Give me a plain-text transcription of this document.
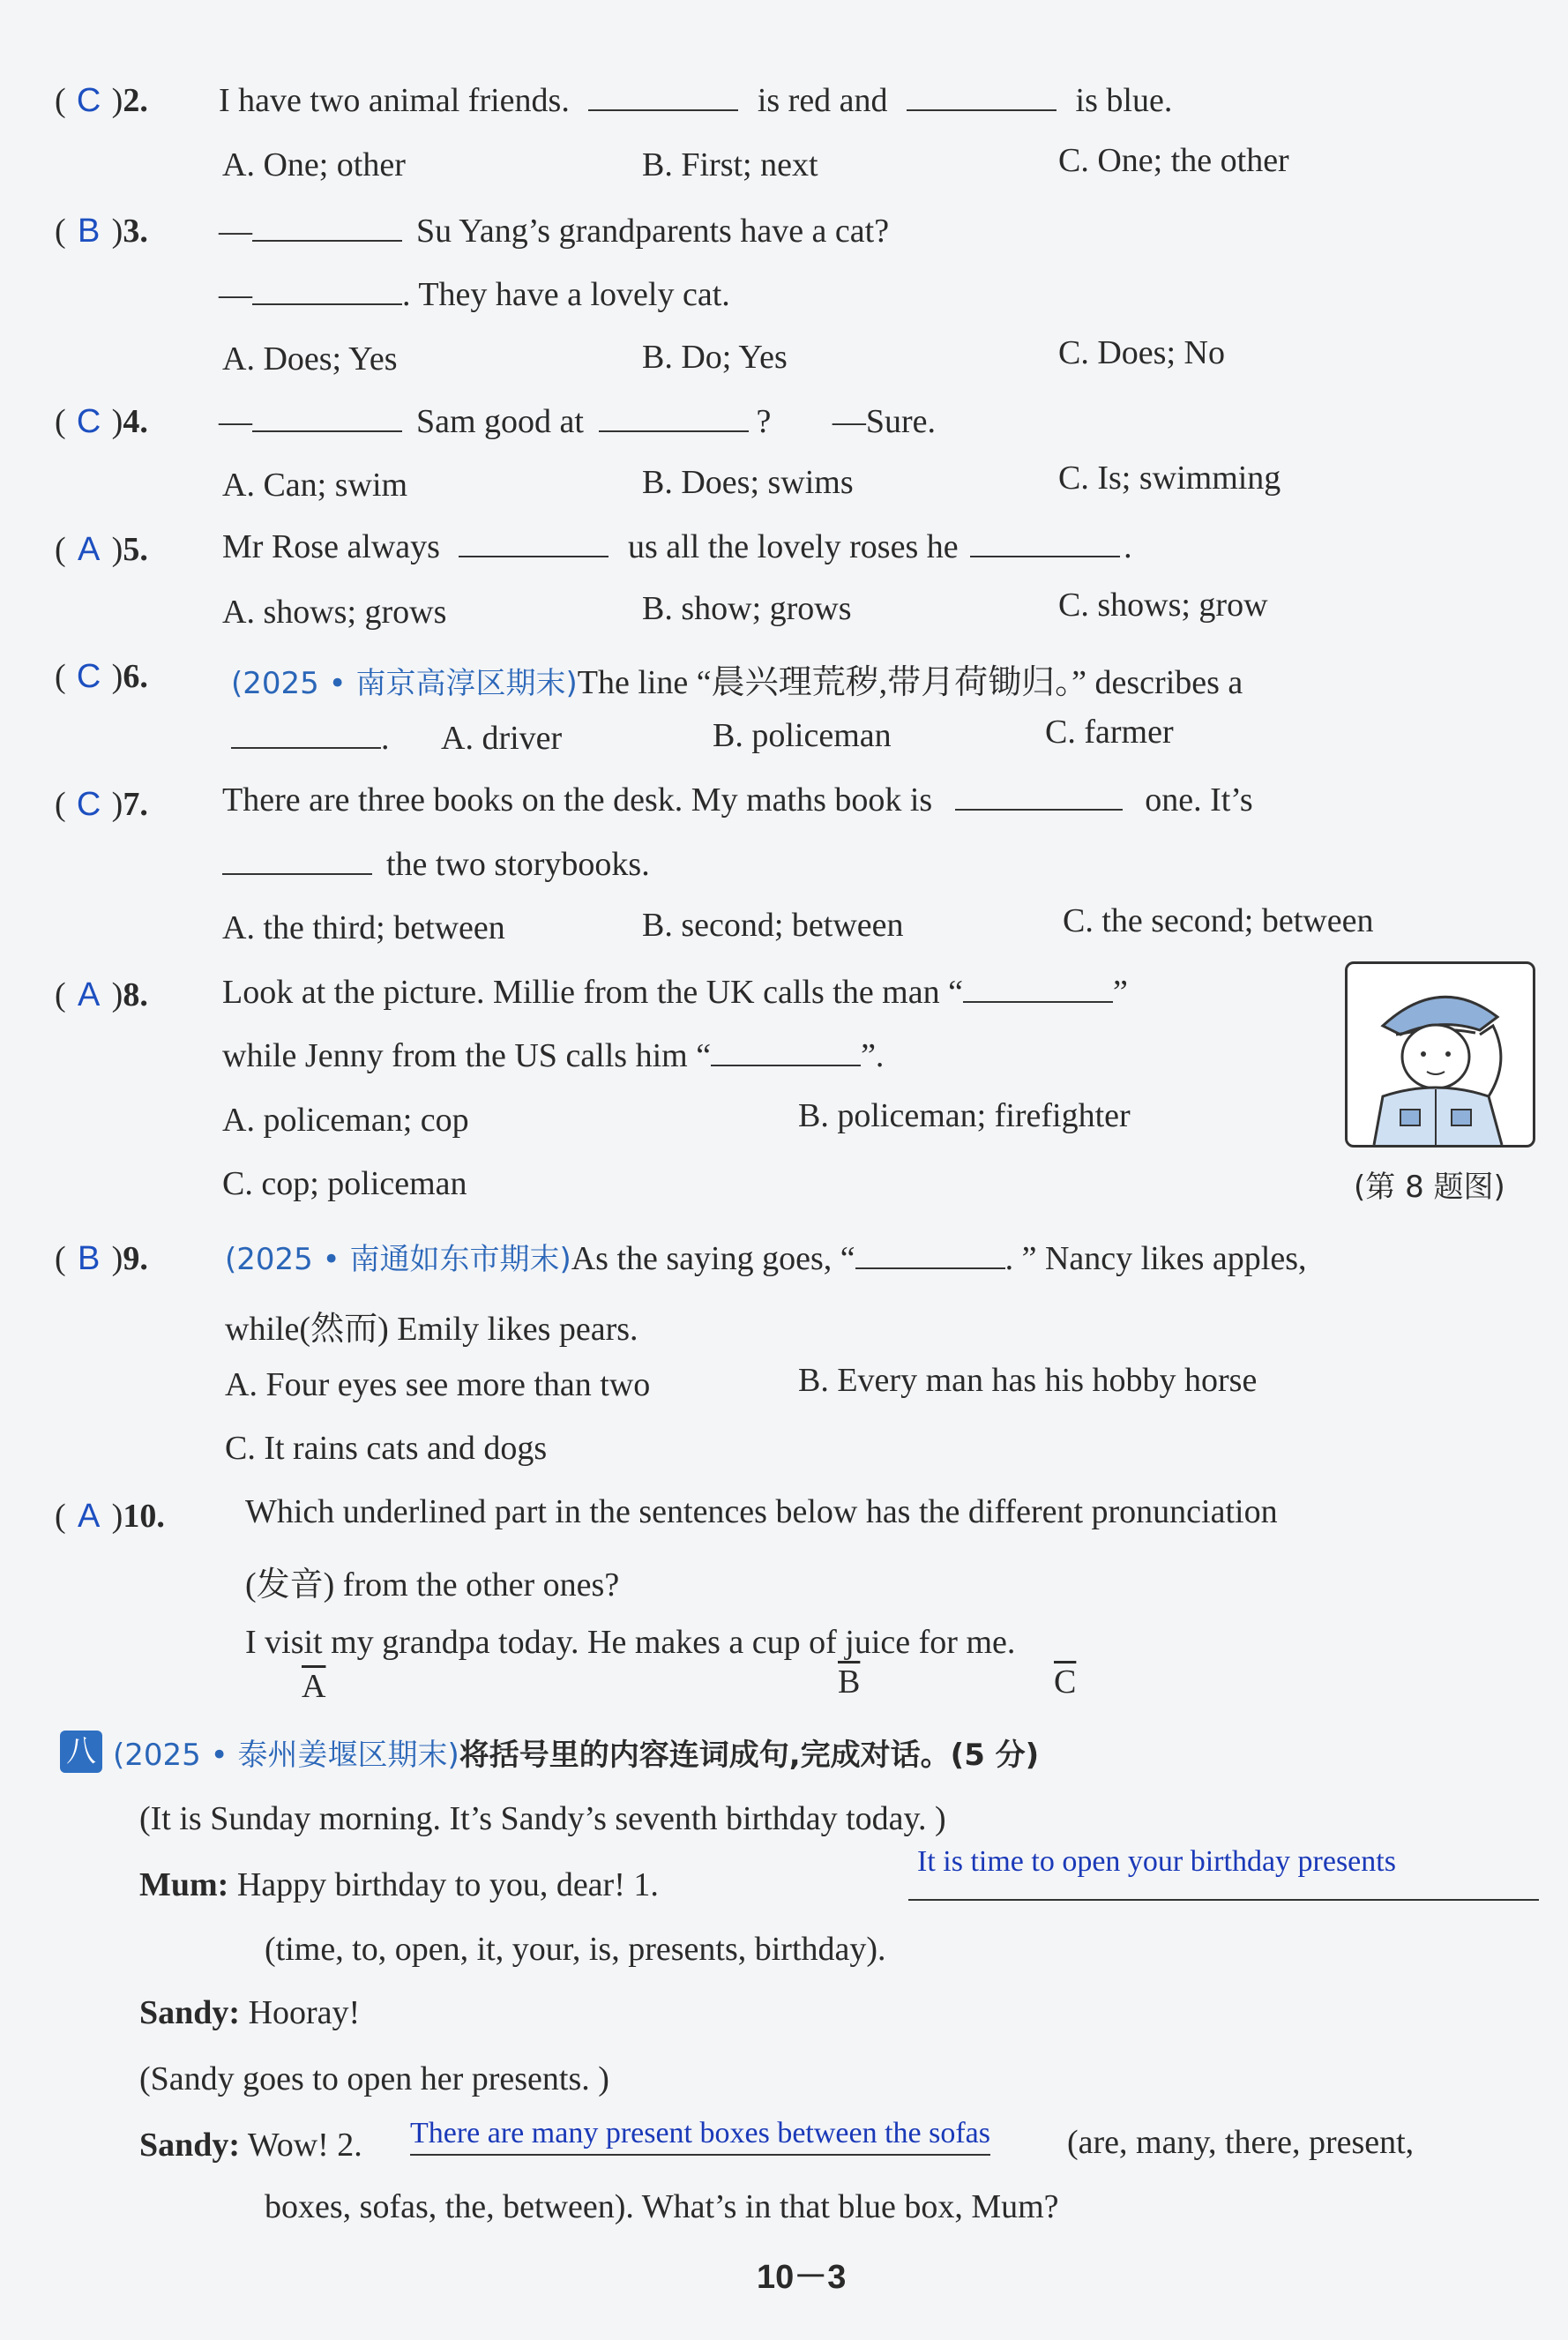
( C )2.	I have two animal friends.	is red and	is blue.
A. One; other	B. First; next	C. One; the other
( B )3.	—	Su Yang’s grandparents have a cat?
—	. They have a lovely cat.
A. Does; Yes	B. Do; Yes	C. Does; No
( C )4.	—	Sam good at	? —Sure.
A. Can; swim	B. Does; swims	C. Is; swimming
( A )5.	Mr Rose always	us all the lovely roses he	.
A. shows; grows	B. show; grows	C. shows; grow
( C )6.	(2025 • 南京高淳区期末)The line “晨兴理荒秽,带月荷锄归。” describes a
. A. driver	B. policeman	C. farmer
( C )7.	There are three books on the desk. My maths book is	one. It’s
the two storybooks.
A. the third; between	B. second; between	C. the second; between
( A )8.	Look at the picture. Millie from the UK calls the man “	”
while Jenny from the US calls him “	”.
A. policeman; cop	B. policeman; firefighter
C. cop; policeman	(第 8 题图)
( B )9.	(2025 • 南通如东市期末)As the saying goes, “	. ” Nancy likes apples,
while(然而) Emily likes pears.
A. Four eyes see more than two	B. Every man has his hobby horse
C. It rains cats and dogs
( A )10.	Which underlined part in the sentences below has the different pronunciation
(发音) from the other ones?
I visit my grandpa today. He makes a cup of juice for me.
$\overline{A}$	$\overline{B}$	$\overline{C}$
八 (2025 • 泰州姜堰区期末)将括号里的内容连词成句,完成对话。(5 分)
(It is Sunday morning. It’s Sandy’s seventh birthday today. )
Mum: Happy birthday to you, dear! 1.
It is time to open your birthday presents
(time, to, open, it, your, is, presents, birthday).
Sandy: Hooray!
(Sandy goes to open her presents. )
Sandy: Wow! 2. There are many present boxes between the sofas (are, many, there, present,
boxes, sofas, the, between). What’s in that blue box, Mum?
10－3
